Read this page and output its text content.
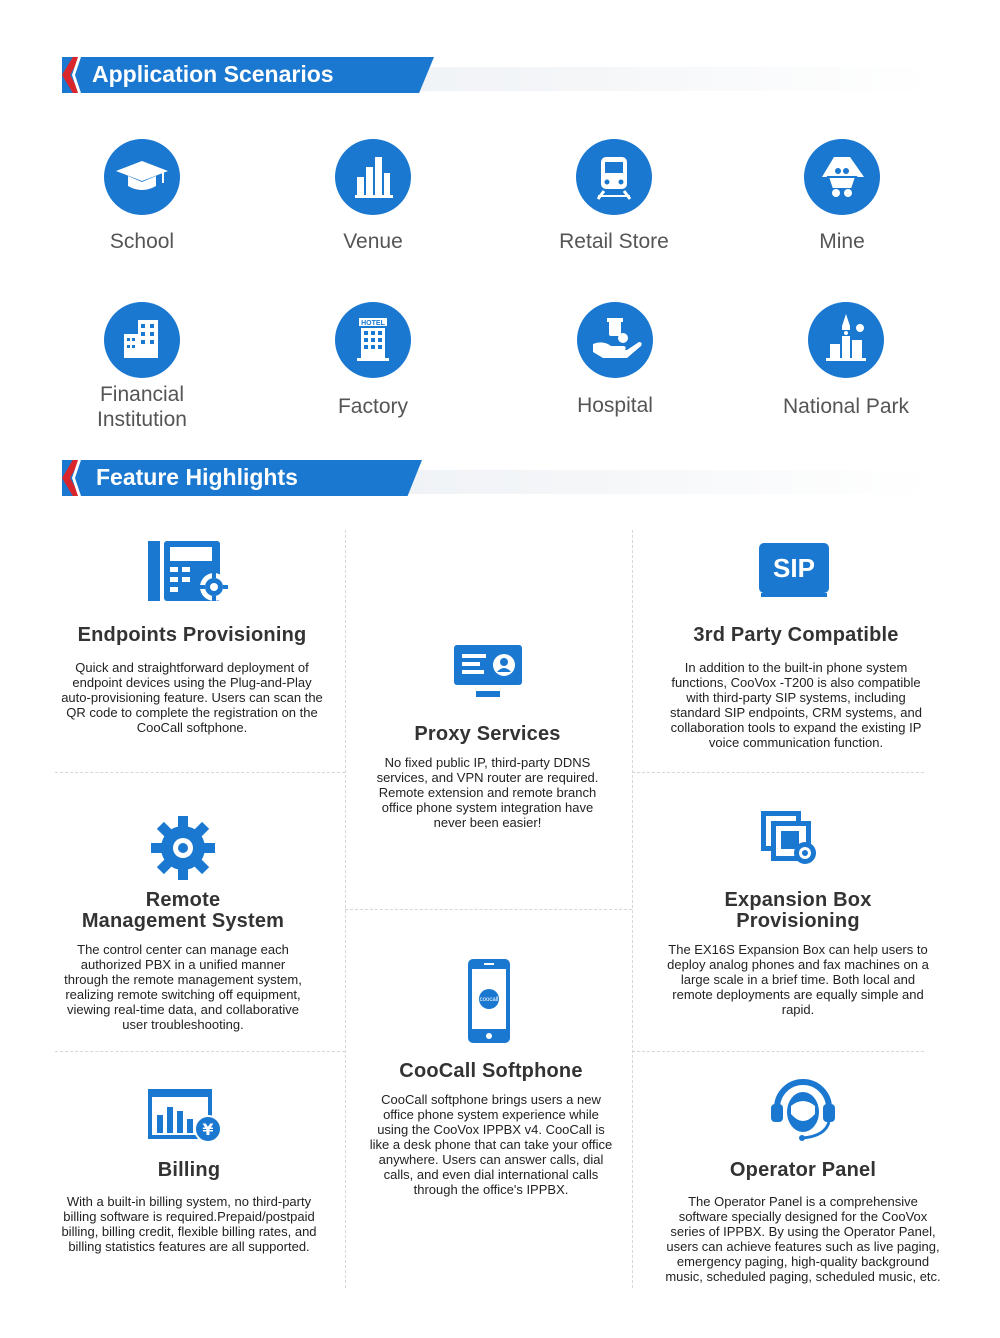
Application Scenarios
School	Venue	Retail Store	Mine
Financial
Institution
HOTEL
Factory	Hospital	National Park
Feature Highlights
Endpoints Provisioning

Quick and straightforward deployment of endpoint devices using the Plug-and-Play auto-provisioning feature. Users can scan the QR code to complete the registration on the CooCall softphone.	Proxy Services

No fixed public IP, third-party DDNS services, and VPN router are required. Remote extension and remote branch office phone system integration have never been easier!

SIP
3rd Party Compatible

In addition to the built-in phone system functions, CooVox -T200 is also compatible with third-party SIP systems, including standard SIP endpoints, CRM systems, and collaboration tools to expand the existing IP voice communication function.

Remote
Management System

The control center can manage each authorized PBX in a unified manner through the remote management system, realizing remote switching off equipment, viewing real-time data, and collaborative user troubleshooting.

Expansion Box
Provisioning

The EX16S Expansion Box can help users to deploy analog phones and fax machines on a large scale in a brief time. Both local and remote deployments are equally simple and rapid.

coocall
CooCall Softphone

CooCall softphone brings users a new office phone system experience while using the CooVox IPPBX v4. CooCall is like a desk phone that can take your office anywhere. Users can answer calls, dial calls, and even dial international calls through the office's IPPBX.

¥
Billing

With a built-in billing system, no third-party billing software is required.Prepaid/postpaid billing, billing credit, flexible billing rates, and billing statistics features are all supported.

Operator Panel

The Operator Panel is a comprehensive software specially designed for the CooVox series of IPPBX. By using the Operator Panel, users can achieve features such as live paging, emergency paging, high-quality background music, scheduled paging, scheduled music, etc.
